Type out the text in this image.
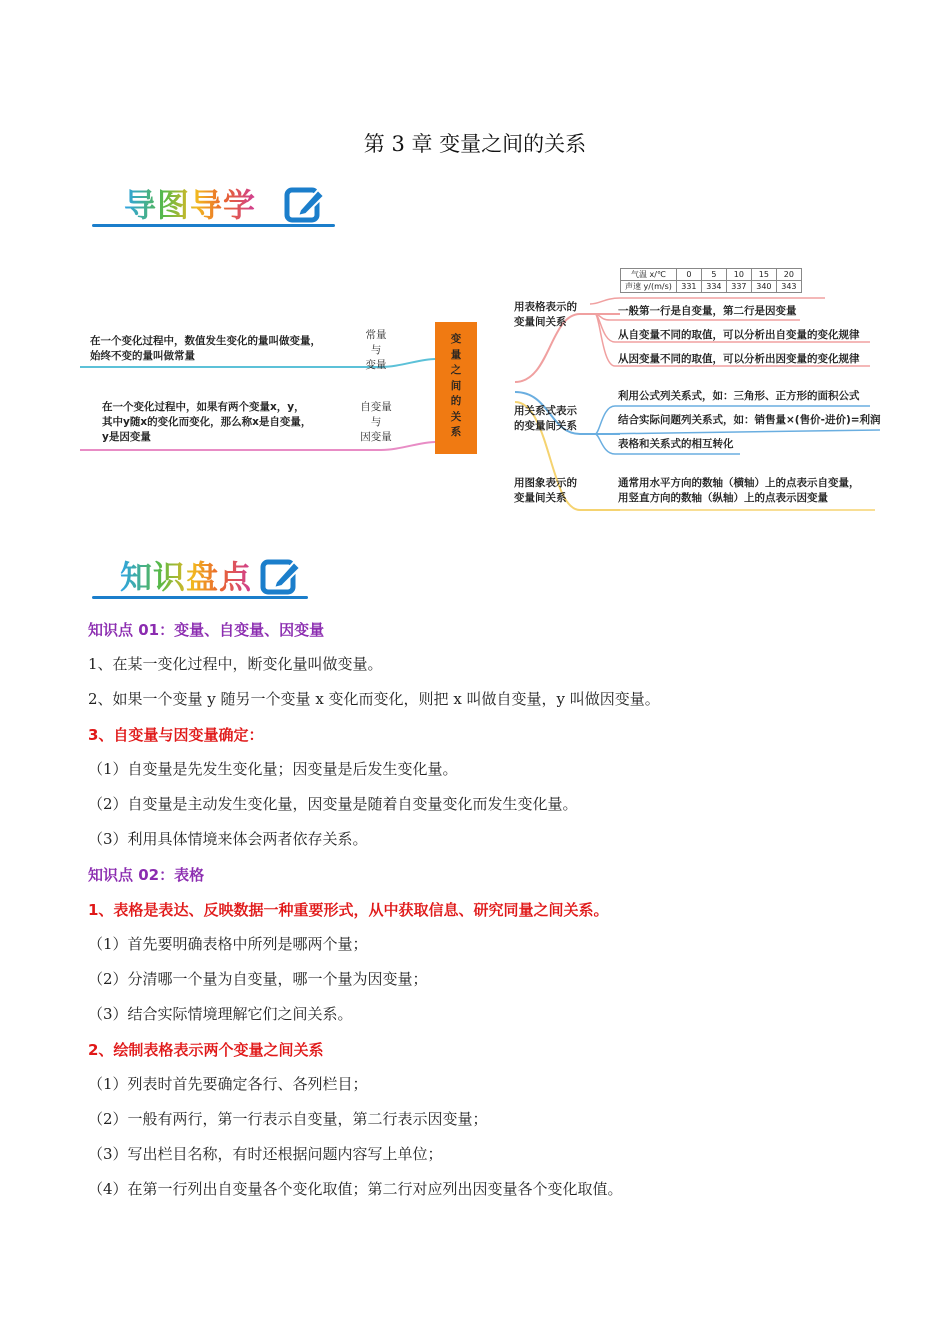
第 3 章 变量之间的关系
导图导学
变
量
之
间
的
关
系
常量
与
变量
在一个变化过程中，数值发生变化的量叫做变量，
始终不变的量叫做常量
自变量
与
因变量
在一个变化过程中，如果有两个变量x，y，
其中y随x的变化而变化，那么称x是自变量，
y是因变量
用表格表示的
变量间关系
气温 x/℃	0	5	10	15	20
声速 y/(m/s)	331	334	337	340	343
一般第一行是自变量，第二行是因变量
从自变量不同的取值，可以分析出自变量的变化规律
从因变量不同的取值，可以分析出因变量的变化规律
用关系式表示
的变量间关系
利用公式列关系式，如：三角形、正方形的面积公式
结合实际问题列关系式，如：销售量×(售价-进价)=利润
表格和关系式的相互转化
用图象表示的
变量间关系
通常用水平方向的数轴（横轴）上的点表示自变量，
用竖直方向的数轴（纵轴）上的点表示因变量
知识盘点
知识点 01：变量、自变量、因变量
1、在某一变化过程中，断变化量叫做变量。
2、如果一个变量 y 随另一个变量 x 变化而变化，则把 x 叫做自变量，y 叫做因变量。
3、自变量与因变量确定：
（1）自变量是先发生变化量；因变量是后发生变化量。
（2）自变量是主动发生变化量，因变量是随着自变量变化而发生变化量。
（3）利用具体情境来体会两者依存关系。
知识点 02：表格
1、表格是表达、反映数据一种重要形式，从中获取信息、研究同量之间关系。
（1）首先要明确表格中所列是哪两个量；
（2）分清哪一个量为自变量，哪一个量为因变量；
（3）结合实际情境理解它们之间关系。
2、绘制表格表示两个变量之间关系
（1）列表时首先要确定各行、各列栏目；
（2）一般有两行，第一行表示自变量，第二行表示因变量；
（3）写出栏目名称，有时还根据问题内容写上单位；
（4）在第一行列出自变量各个变化取值；第二行对应列出因变量各个变化取值。
